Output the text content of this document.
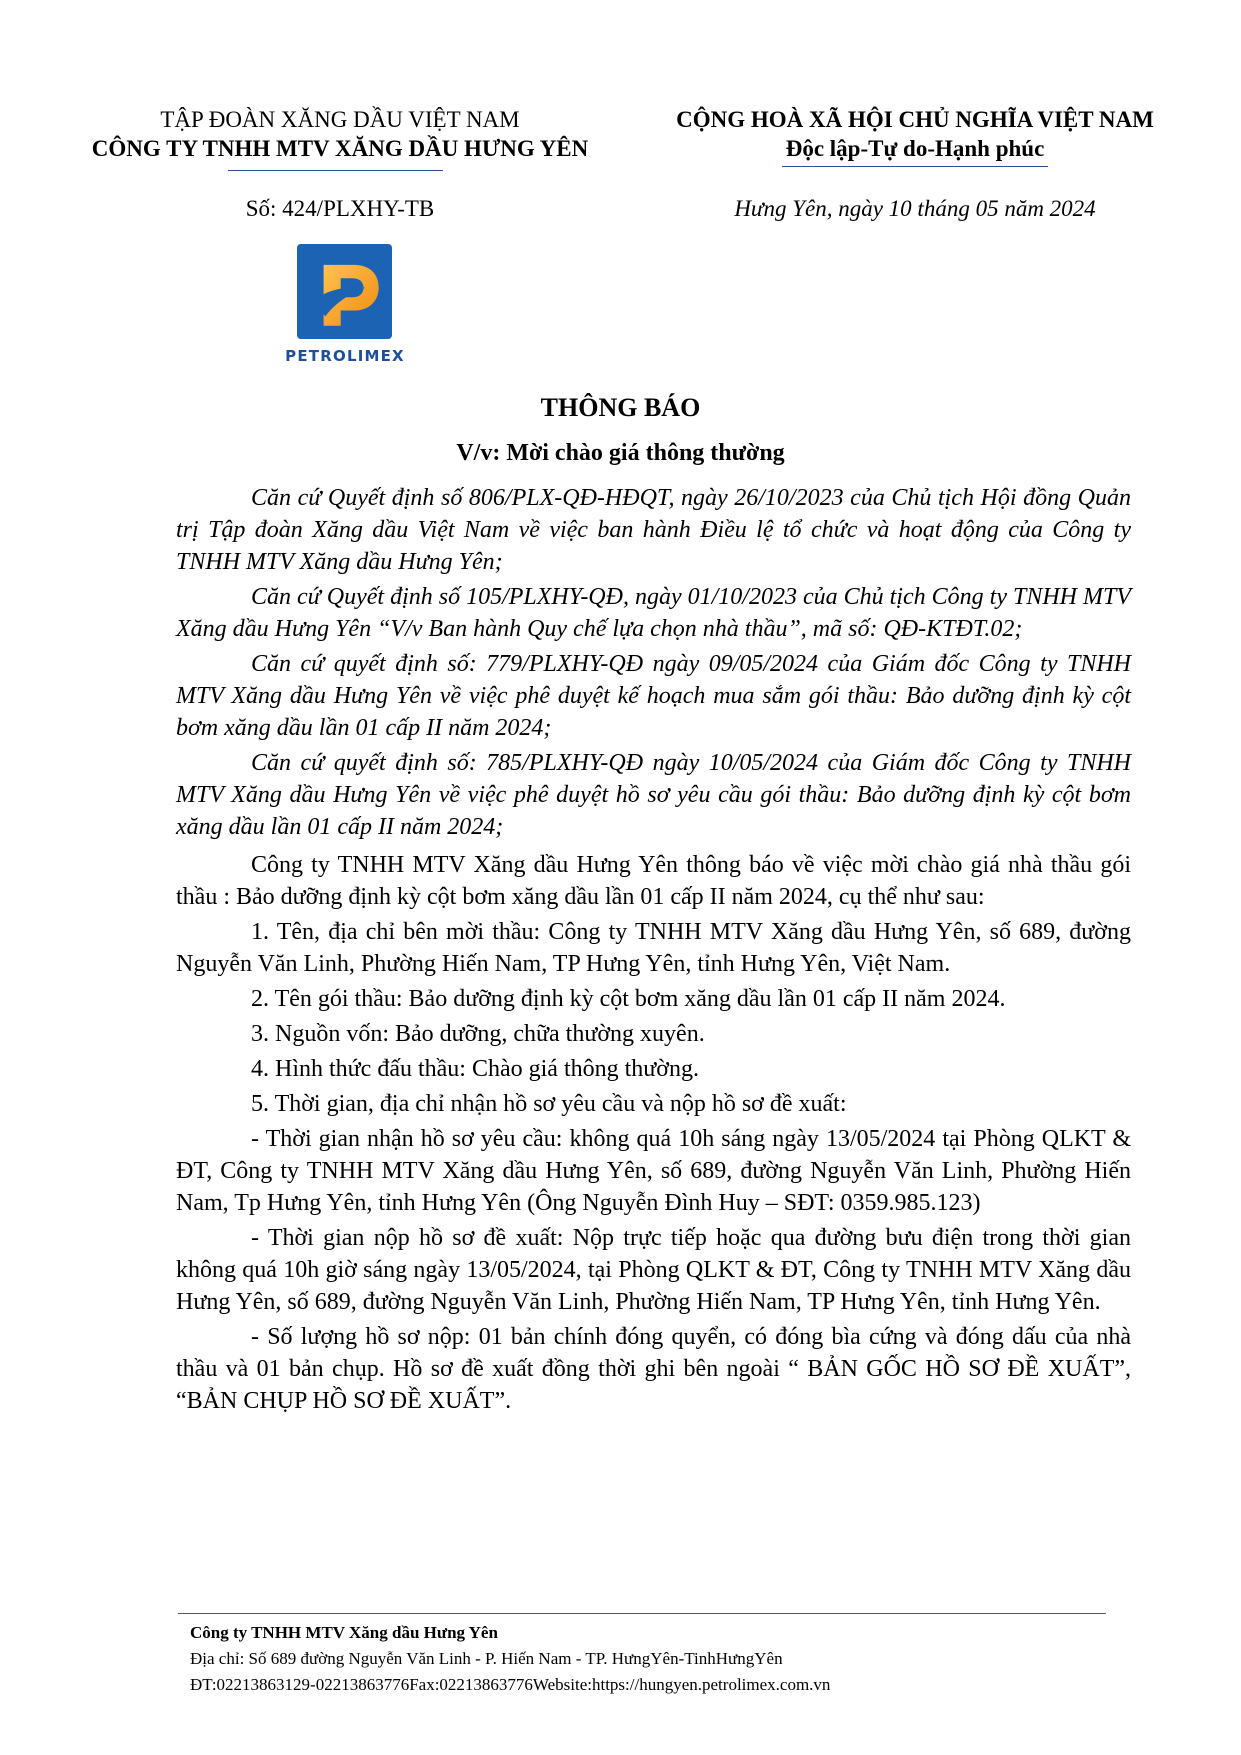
TẬP ĐOÀN XĂNG DẦU VIỆT NAM
CÔNG TY TNHH MTV XĂNG DẦU HƯNG YÊN
CỘNG HOÀ XÃ HỘI CHỦ NGHĨA VIỆT NAM
Độc lập-Tự do-Hạnh phúc
Số: 424/PLXHY-TB	Hưng Yên, ngày 10 tháng 05 năm 2024
PETROLIMEX
THÔNG BÁO
V/v: Mời chào giá thông thường

Căn cứ Quyết định số 806/PLX-QĐ-HĐQT, ngày 26/10/2023 của Chủ tịch Hội đồng Quản trị Tập đoàn Xăng dầu Việt Nam về việc ban hành Điều lệ tổ chức và hoạt động của Công ty TNHH MTV Xăng dầu Hưng Yên;

Căn cứ Quyết định số 105/PLXHY-QĐ, ngày 01/10/2023 của Chủ tịch Công ty TNHH MTV Xăng dầu Hưng Yên “V/v Ban hành Quy chế lựa chọn nhà thầu”, mã số: QĐ-KTĐT.02;

Căn cứ quyết định số: 779/PLXHY-QĐ ngày 09/05/2024 của Giám đốc Công ty TNHH MTV Xăng dầu Hưng Yên về việc phê duyệt kế hoạch mua sắm gói thầu: Bảo dưỡng định kỳ cột bơm xăng dầu lần 01 cấp II năm 2024;

Căn cứ quyết định số: 785/PLXHY-QĐ ngày 10/05/2024 của Giám đốc Công ty TNHH MTV Xăng dầu Hưng Yên về việc phê duyệt hồ sơ yêu cầu gói thầu: Bảo dưỡng định kỳ cột bơm xăng dầu lần 01 cấp II năm 2024;

Công ty TNHH MTV Xăng dầu Hưng Yên thông báo về việc mời chào giá nhà thầu gói thầu : Bảo dưỡng định kỳ cột bơm xăng dầu lần 01 cấp II năm 2024, cụ thể như sau:

1. Tên, địa chỉ bên mời thầu: Công ty TNHH MTV Xăng dầu Hưng Yên, số 689, đường Nguyễn Văn Linh, Phường Hiến Nam, TP Hưng Yên, tỉnh Hưng Yên, Việt Nam.

2. Tên gói thầu: Bảo dưỡng định kỳ cột bơm xăng dầu lần 01 cấp II năm 2024.

3. Nguồn vốn: Bảo dưỡng, chữa thường xuyên.

4. Hình thức đấu thầu: Chào giá thông thường.

5. Thời gian, địa chỉ nhận hồ sơ yêu cầu và nộp hồ sơ đề xuất:

- Thời gian nhận hồ sơ yêu cầu: không quá 10h sáng ngày 13/05/2024 tại Phòng QLKT & ĐT, Công ty TNHH MTV Xăng dầu Hưng Yên, số 689, đường Nguyễn Văn Linh, Phường Hiến Nam, Tp Hưng Yên, tỉnh Hưng Yên (Ông Nguyễn Đình Huy – SĐT: 0359.985.123)

- Thời gian nộp hồ sơ đề xuất: Nộp trực tiếp hoặc qua đường bưu điện trong thời gian không quá 10h giờ sáng ngày 13/05/2024, tại Phòng QLKT & ĐT, Công ty TNHH MTV Xăng dầu Hưng Yên, số 689, đường Nguyễn Văn Linh, Phường Hiến Nam, TP Hưng Yên, tỉnh Hưng Yên.

- Số lượng hồ sơ nộp: 01 bản chính đóng quyển, có đóng bìa cứng và đóng dấu của nhà thầu và 01 bản chụp. Hồ sơ đề xuất đồng thời ghi bên ngoài “ BẢN GỐC HỒ SƠ ĐỀ XUẤT”, “BẢN CHỤP HỒ SƠ ĐỀ XUẤT”.

Công ty TNHH MTV Xăng dầu Hưng Yên
Địa chỉ: Số 689 đường Nguyễn Văn Linh - P. Hiến Nam - TP. HưngYên-TinhHưngYên
ĐT:02213863129-02213863776Fax:02213863776Website:https://hungyen.petrolimex.com.vn
